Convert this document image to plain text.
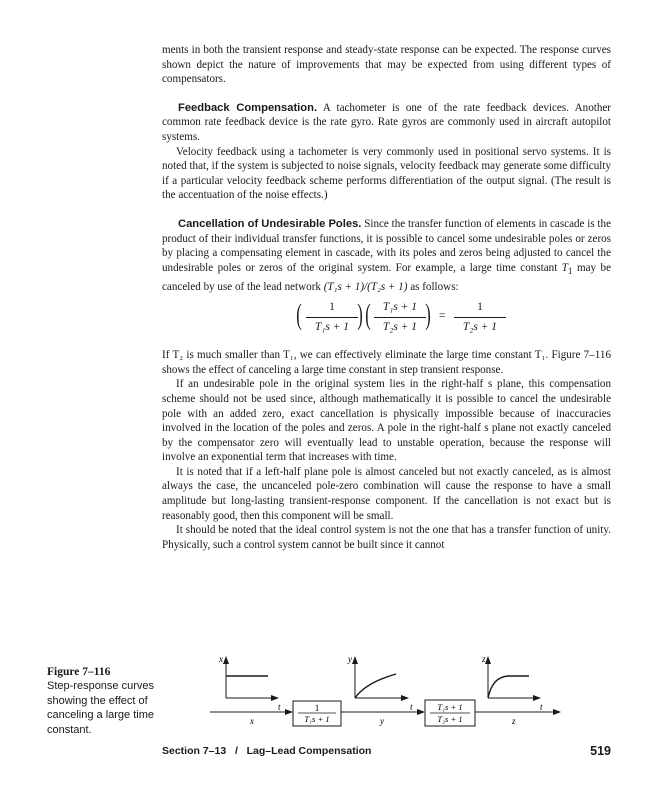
ments in both the transient response and steady-state response can be expected. The response curves shown depict the nature of improvements that may be expected from using different types of compensators.

Feedback Compensation. A tachometer is one of the rate feedback devices. Another common rate feedback device is the rate gyro. Rate gyros are commonly used in aircraft autopilot systems.

Velocity feedback using a tachometer is very commonly used in positional servo systems. It is noted that, if the system is subjected to noise signals, velocity feedback may generate some difficulty if a particular velocity feedback scheme performs differentiation of the output signal. (The result is the accentuation of the noise effects.)

Cancellation of Undesirable Poles. Since the transfer function of elements in cascade is the product of their individual transfer functions, it is possible to cancel some undesirable poles or zeros by placing a compensating element in cascade, with its poles and zeros being adjusted to cancel the undesirable poles or zeros of the original system. For example, a large time constant $T_1$ may be canceled by use of the lead network (T₁s + 1)/(T₂s + 1) as follows:

( $\frac{1}{\text{T₁s + 1}}$ ) ( $\frac{\text{T₁s + 1}}{\text{T₂s + 1}}$ ) = $\frac{1}{\text{T₂s + 1}}$

If T₂ is much smaller than T₁, we can effectively eliminate the large time constant T₁. Figure 7–116 shows the effect of canceling a large time constant in step transient response.

If an undesirable pole in the original system lies in the right-half s plane, this compensation scheme should not be used since, although mathematically it is possible to cancel the undesirable pole with an added zero, exact cancellation is physically impossible because of inaccuracies involved in the location of the poles and zeros. A pole in the right-half s plane not exactly canceled by the compensator zero will eventually lead to unstable operation, because the response will involve an exponential term that increases with time.

It is noted that if a left-half plane pole is almost canceled but not exactly canceled, as is almost always the case, the uncanceled pole-zero combination will cause the response to have a small amplitude but long-lasting transient-response component. If the cancellation is not exact but is reasonably good, then this component will be small.

It should be noted that the ideal control system is not the one that has a transfer function of unity. Physically, such a control system cannot be built since it cannot

Figure 7–116
Step-response curves showing the effect of canceling a large time constant.
x
t
y
t
z
t
1
T₁s + 1
T₁s + 1
T₂s + 1
x	y	z
Section 7–13   /   Lag–Lead Compensation	519
